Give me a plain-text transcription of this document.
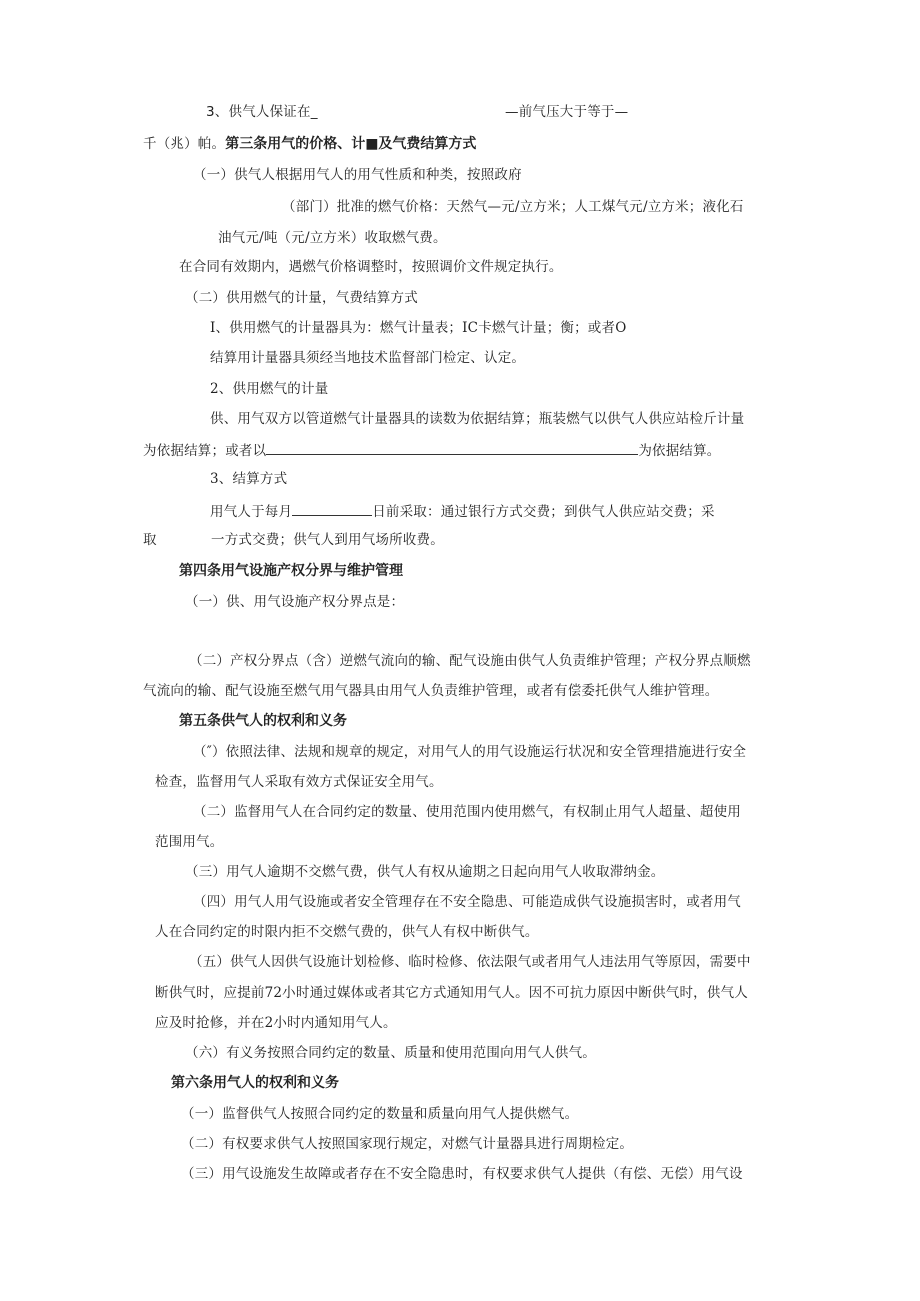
3、供气人保证在_	—前气压大于等于—
千（兆）帕。第三条用气的价格、计■及气费结算方式
（一）供气人根据用气人的用气性质和种类，按照政府
（部门）批准的燃气价格：天然气—元/立方米；人工煤气元/立方米；液化石
油气元/吨（元/立方米）收取燃气费。
在合同有效期内，遇燃气价格调整时，按照调价文件规定执行。
（二）供用燃气的计量，气费结算方式
I、供用燃气的计量器具为：燃气计量表；IC卡燃气计量；衡；或者O
结算用计量器具须经当地技术监督部门检定、认定。
2、供用燃气的计量
供、用气双方以管道燃气计量器具的读数为依据结算；瓶装燃气以供气人供应站检斤计量
为依据结算；或者以	为依据结算。
3、结算方式
用气人于每月	日前采取：通过银行方式交费；到供气人供应站交费；采
取	一方式交费；供气人到用气场所收费。
第四条用气设施产权分界与维护管理
（一）供、用气设施产权分界点是：
（二）产权分界点（含）逆燃气流向的输、配气设施由供气人负责维护管理；产权分界点顺燃
气流向的输、配气设施至燃气用气器具由用气人负责维护管理，或者有偿委托供气人维护管理。
第五条供气人的权利和义务
（″）依照法律、法规和规章的规定，对用气人的用气设施运行状况和安全管理措施进行安全
检查，监督用气人采取有效方式保证安全用气。
（二）监督用气人在合同约定的数量、使用范围内使用燃气，有权制止用气人超量、超使用
范围用气。
（三）用气人逾期不交燃气费，供气人有权从逾期之日起向用气人收取滞纳金。
（四）用气人用气设施或者安全管理存在不安全隐患、可能造成供气设施损害时，或者用气
人在合同约定的时限内拒不交燃气费的，供气人有权中断供气。
（五）供气人因供气设施计划检修、临时检修、依法限气或者用气人违法用气等原因，需要中
断供气时，应提前72小时通过媒体或者其它方式通知用气人。因不可抗力原因中断供气时，供气人
应及时抢修，并在2小时内通知用气人。
（六）有义务按照合同约定的数量、质量和使用范围向用气人供气。
第六条用气人的权利和义务
（一）监督供气人按照合同约定的数量和质量向用气人提供燃气。
（二）有权要求供气人按照国家现行规定，对燃气计量器具进行周期检定。
（三）用气设施发生故障或者存在不安全隐患时，有权要求供气人提供（有偿、无偿）用气设
